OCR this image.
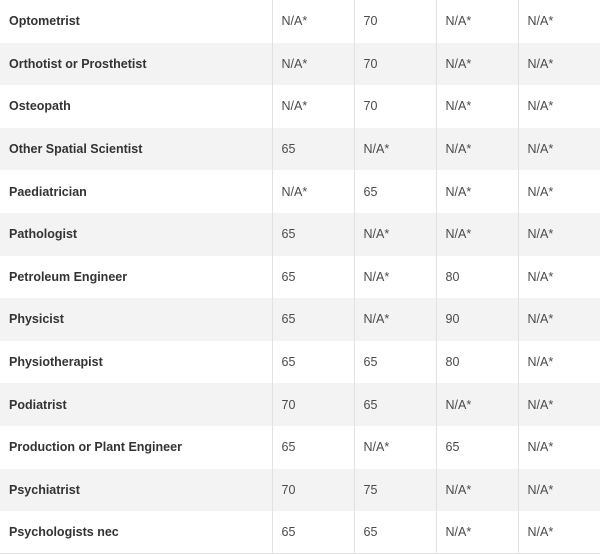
Optometrist	N/A*	70	N/A*	N/A*
Orthotist or Prosthetist	N/A*	70	N/A*	N/A*
Osteopath	N/A*	70	N/A*	N/A*
Other Spatial Scientist	65	N/A*	N/A*	N/A*
Paediatrician	N/A*	65	N/A*	N/A*
Pathologist	65	N/A*	N/A*	N/A*
Petroleum Engineer	65	N/A*	80	N/A*
Physicist	65	N/A*	90	N/A*
Physiotherapist	65	65	80	N/A*
Podiatrist	70	65	N/A*	N/A*
Production or Plant Engineer	65	N/A*	65	N/A*
Psychiatrist	70	75	N/A*	N/A*
Psychologists nec	65	65	N/A*	N/A*
